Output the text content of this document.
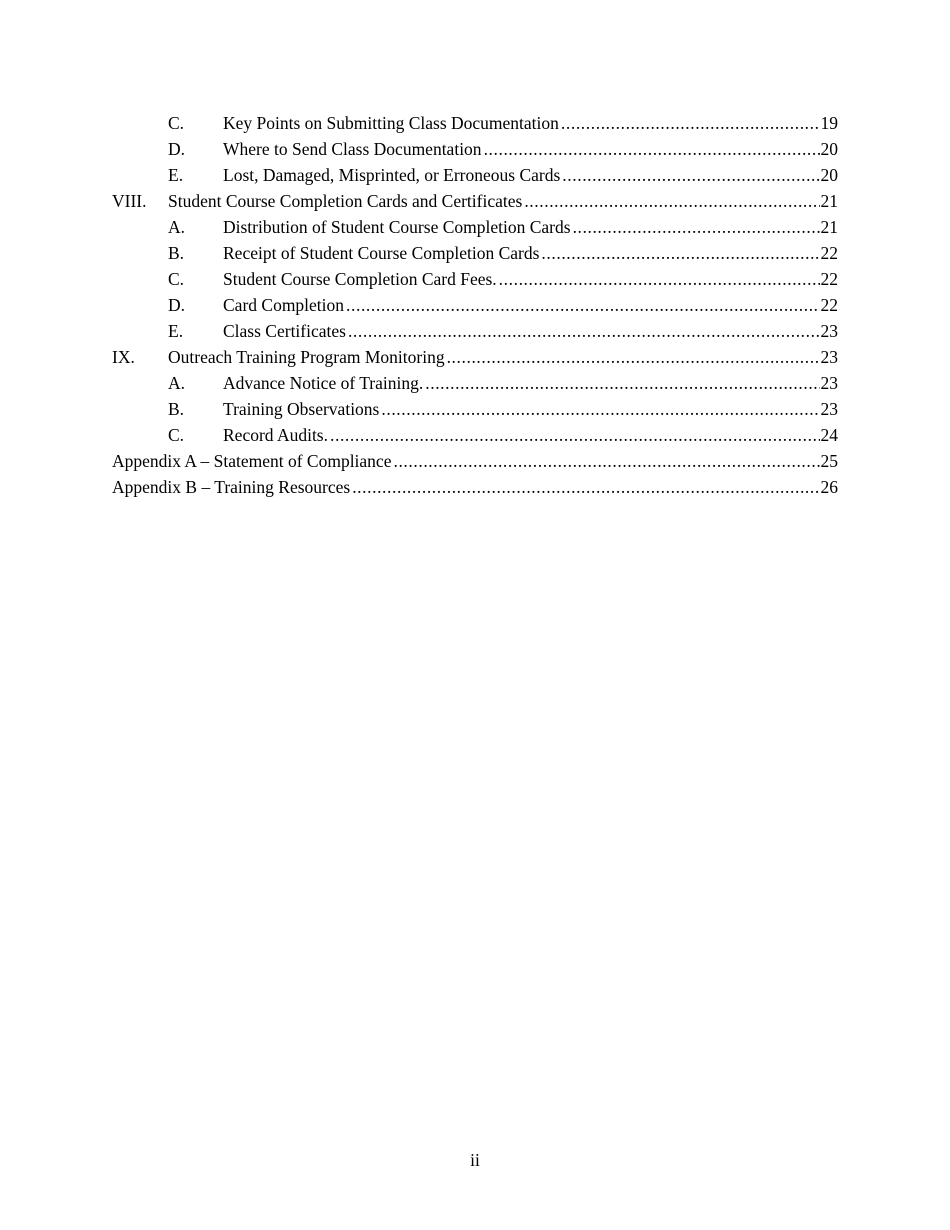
C. Key Points on Submitting Class Documentation .....	19
D. Where to Send Class Documentation .....	20
E. Lost, Damaged, Misprinted, or Erroneous Cards .....	20
VIII. Student Course Completion Cards and Certificates .....	21
A. Distribution of Student Course Completion Cards .....	21
B. Receipt of Student Course Completion Cards .....	22
C. Student Course Completion Card Fees. .....	22
D. Card Completion .....	22
E. Class Certificates .....	23
IX. Outreach Training Program Monitoring .....	23
A. Advance Notice of Training. .....	23
B. Training Observations .....	23
C. Record Audits. .....	24
Appendix A – Statement of Compliance .....	25
Appendix B – Training Resources .....	26
ii
